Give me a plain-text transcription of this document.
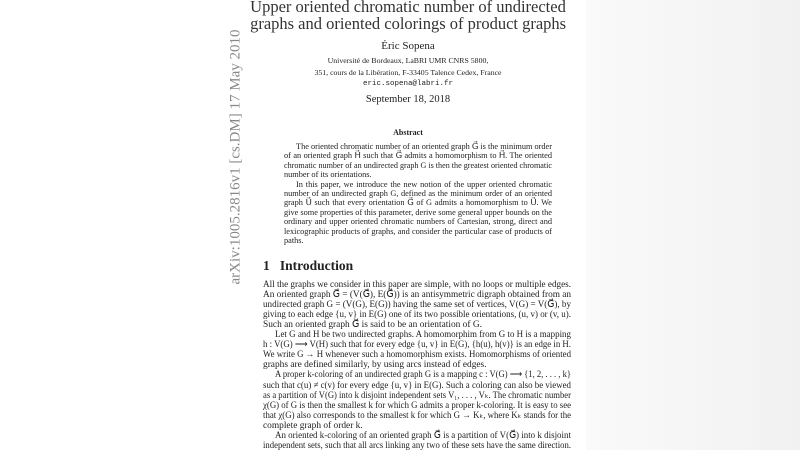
arXiv:1005.2816v1 [cs.DM] 17 May 2010
Upper oriented chromatic number of undirected
graphs and oriented colorings of product graphs
Éric Sopena
Université de Bordeaux, LaBRI UMR CNRS 5800,
351, cours de la Libération, F-33405 Talence Cedex, France
eric.sopena@labri.fr
September 18, 2018
Abstract
The oriented chromatic number of an oriented graph G⃗ is the minimum order
of an oriented graph H⃗ such that G⃗ admits a homomorphism to H⃗. The oriented
chromatic number of an undirected graph G is then the greatest oriented chromatic
number of its orientations.
In this paper, we introduce the new notion of the upper oriented chromatic
number of an undirected graph G, defined as the minimum order of an oriented
graph U⃗ such that every orientation G⃗ of G admits a homomorphism to U⃗. We
give some properties of this parameter, derive some general upper bounds on the
ordinary and upper oriented chromatic numbers of Cartesian, strong, direct and
lexicographic products of graphs, and consider the particular case of products of
paths.
1 Introduction
All the graphs we consider in this paper are simple, with no loops or multiple edges.
An oriented graph G⃗ = (V(G⃗), E(G⃗)) is an antisymmetric digraph obtained from an
undirected graph G = (V(G), E(G)) having the same set of vertices, V(G) = V(G⃗), by
giving to each edge {u, v} in E(G) one of its two possible orientations, (u, v) or (v, u).
Such an oriented graph G⃗ is said to be an orientation of G.
Let G and H be two undirected graphs. A homomorphim from G to H is a mapping
h : V(G) ⟶ V(H) such that for every edge {u, v} in E(G), {h(u), h(v)} is an edge in H.
We write G → H whenever such a homomorphism exists. Homomorphisms of oriented
graphs are defined similarly, by using arcs instead of edges.
A proper k-coloring of an undirected graph G is a mapping c : V(G) ⟶ {1, 2, . . . , k}
such that c(u) ≠ c(v) for every edge {u, v} in E(G). Such a coloring can also be viewed
as a partition of V(G) into k disjoint independent sets V₁, . . . , Vₖ. The chromatic number
χ(G) of G is then the smallest k for which G admits a proper k-coloring. It is easy to see
that χ(G) also corresponds to the smallest k for which G → Kₖ, where Kₖ stands for the
complete graph of order k.
An oriented k-coloring of an oriented graph G⃗ is a partition of V(G⃗) into k disjoint
independent sets, such that all arcs linking any two of these sets have the same direction.
